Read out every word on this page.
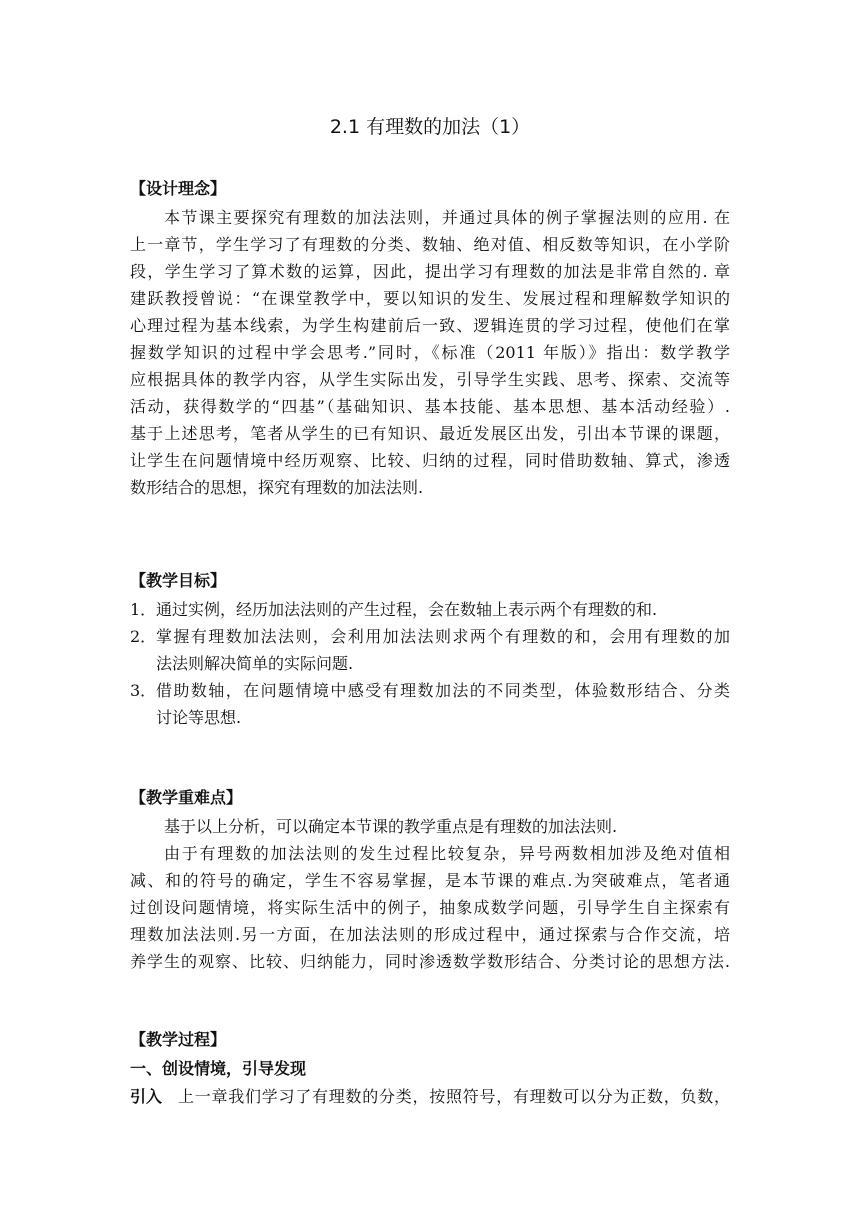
2.1 有理数的加法（1）
【设计理念】
本节课主要探究有理数的加法法则，并通过具体的例子掌握法则的应用. 在
上一章节，学生学习了有理数的分类、数轴、绝对值、相反数等知识，在小学阶
段，学生学习了算术数的运算，因此，提出学习有理数的加法是非常自然的. 章
建跃教授曾说：“在课堂教学中，要以知识的发生、发展过程和理解数学知识的
心理过程为基本线索，为学生构建前后一致、逻辑连贯的学习过程，使他们在掌
握数学知识的过程中学会思考.”同时，《标准（2011 年版）》指出：数学教学
应根据具体的教学内容，从学生实际出发，引导学生实践、思考、探索、交流等
活动，获得数学的“四基”（基础知识、基本技能、基本思想、基本活动经验）.
基于上述思考，笔者从学生的已有知识、最近发展区出发，引出本节课的课题，
让学生在问题情境中经历观察、比较、归纳的过程，同时借助数轴、算式，渗透
数形结合的思想，探究有理数的加法法则.
【教学目标】
1． 通过实例，经历加法法则的产生过程，会在数轴上表示两个有理数的和.
2． 掌握有理数加法法则，会利用加法法则求两个有理数的和，会用有理数的加
法法则解决简单的实际问题.
3． 借助数轴，在问题情境中感受有理数加法的不同类型，体验数形结合、分类
讨论等思想.
【教学重难点】
基于以上分析，可以确定本节课的教学重点是有理数的加法法则.
由于有理数的加法法则的发生过程比较复杂，异号两数相加涉及绝对值相
减、和的符号的确定，学生不容易掌握，是本节课的难点.为突破难点，笔者通
过创设问题情境，将实际生活中的例子，抽象成数学问题，引导学生自主探索有
理数加法法则.另一方面，在加法法则的形成过程中，通过探索与合作交流，培
养学生的观察、比较、归纳能力，同时渗透数学数形结合、分类讨论的思想方法.
【教学过程】
一、创设情境，引导发现
引入 上一章我们学习了有理数的分类，按照符号，有理数可以分为正数，负数，
